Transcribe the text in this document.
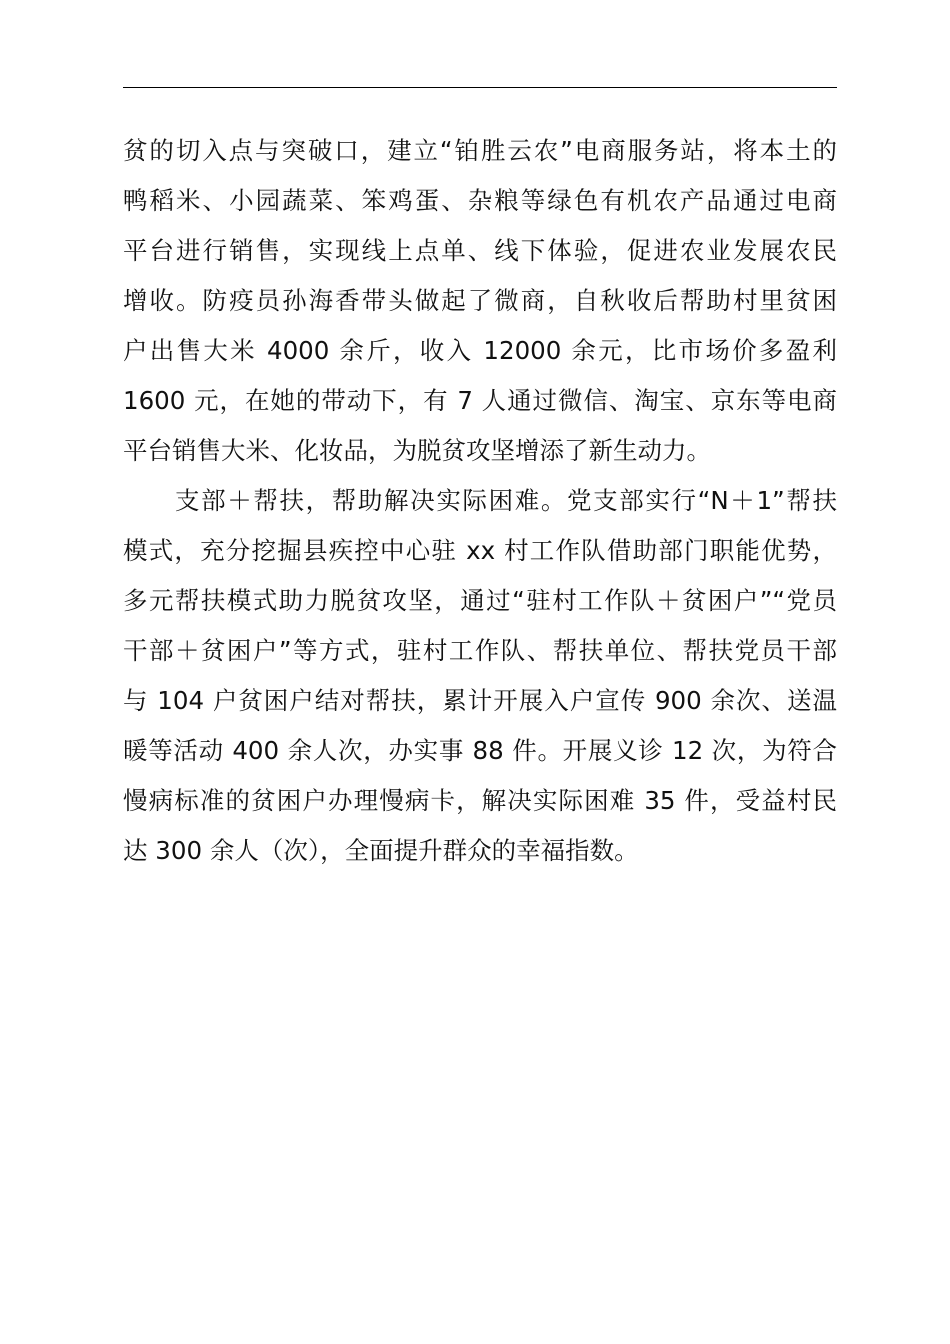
贫的切入点与突破口，建立“铂胜云农”电商服务站，将本土的
鸭稻米、小园蔬菜、笨鸡蛋、杂粮等绿色有机农产品通过电商
平台进行销售，实现线上点单、线下体验，促进农业发展农民
增收。防疫员孙海香带头做起了微商，自秋收后帮助村里贫困
户出售大米 4000 余斤，收入 12000 余元，比市场价多盈利
1600 元，在她的带动下，有 7 人通过微信、淘宝、京东等电商
平台销售大米、化妆品，为脱贫攻坚增添了新生动力。
支部＋帮扶，帮助解决实际困难。党支部实行“N＋1”帮扶
模式，充分挖掘县疾控中心驻 xx 村工作队借助部门职能优势，
多元帮扶模式助力脱贫攻坚，通过“驻村工作队＋贫困户”“党员
干部＋贫困户”等方式，驻村工作队、帮扶单位、帮扶党员干部
与 104 户贫困户结对帮扶，累计开展入户宣传 900 余次、送温
暖等活动 400 余人次，办实事 88 件。开展义诊 12 次，为符合
慢病标准的贫困户办理慢病卡，解决实际困难 35 件，受益村民
达 300 余人（次），全面提升群众的幸福指数。
